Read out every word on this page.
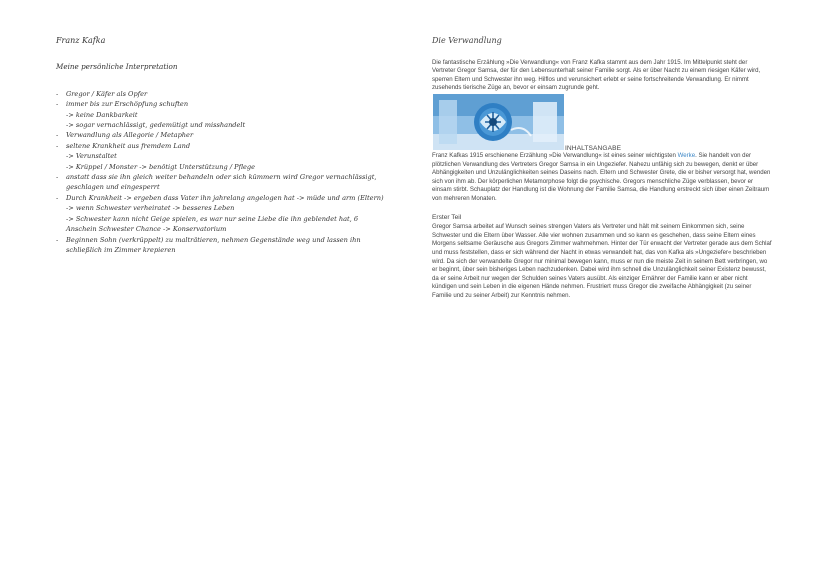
Franz Kafka
Meine persönliche Interpretation
- Gregor / Käfer als Opfer
- immer bis zur Erschöpfung schuften
-> keine Dankbarkeit
-> sogar vernachlässigt, gedemütigt und misshandelt
- Verwandlung als Allegorie / Metapher
- seltene Krankheit aus fremdem Land
-> Verunstaltet
-> Krüppel / Monster -> benötigt Unterstützung / Pflege
- anstatt dass sie ihn gleich weiter behandeln oder sich kümmern wird Gregor vernachlässigt, geschlagen und eingesperrt
- Durch Krankheit -> ergeben dass Vater ihn jahrelang angelogen hat -> müde und arm (Eltern)
-> wenn Schwester verheiratet -> besseres Leben
-> Schwester kann nicht Geige spielen, es war nur seine Liebe die ihn geblendet hat, 6 Anschein Schwester Chance -> Konservatorium
- Beginnen Sohn (verkrüppelt) zu malträtieren, nehmen Gegenstände weg und lassen ihn schließlich im Zimmer krepieren
Die Verwandlung

Die fantastische Erzählung »Die Verwandlung« von Franz Kafka stammt aus dem Jahr 1915. Im Mittelpunkt steht der Vertreter Gregor Samsa, der für den Lebensunterhalt seiner Familie sorgt. Als er über Nacht zu einem riesigen Käfer wird, sperren Eltern und Schwester ihn weg. Hilflos und verunsichert erlebt er seine fortschreitende Verwandlung. Er nimmt zusehends tierische Züge an, bevor er einsam zugrunde geht.

INHALTSANGABE

Franz Kafkas 1915 erschienene Erzählung »Die Verwandlung« ist eines seiner wichtigsten Werke. Sie handelt von der plötzlichen Verwandlung des Vertreters Gregor Samsa in ein Ungeziefer. Nahezu unfähig sich zu bewegen, denkt er über Abhängigkeiten und Unzulänglichkeiten seines Daseins nach. Eltern und Schwester Grete, die er bisher versorgt hat, wenden sich von ihm ab. Der körperlichen Metamorphose folgt die psychische. Gregors menschliche Züge verblassen, bevor er einsam stirbt. Schauplatz der Handlung ist die Wohnung der Familie Samsa, die Handlung erstreckt sich über einen Zeitraum von mehreren Monaten.

Erster Teil

Gregor Samsa arbeitet auf Wunsch seines strengen Vaters als Vertreter und hält mit seinem Einkommen sich, seine Schwester und die Eltern über Wasser. Alle vier wohnen zusammen und so kann es geschehen, dass seine Eltern eines Morgens seltsame Geräusche aus Gregors Zimmer wahrnehmen. Hinter der Tür erwacht der Vertreter gerade aus dem Schlaf und muss feststellen, dass er sich während der Nacht in etwas verwandelt hat, das von Kafka als »Ungeziefer« beschrieben wird. Da sich der verwandelte Gregor nur minimal bewegen kann, muss er nun die meiste Zeit in seinem Bett verbringen, wo er beginnt, über sein bisheriges Leben nachzudenken. Dabei wird ihm schnell die Unzulänglichkeit seiner Existenz bewusst, da er seine Arbeit nur wegen der Schulden seines Vaters ausübt. Als einziger Ernährer der Familie kann er aber nicht kündigen und sein Leben in die eigenen Hände nehmen. Frustriert muss Gregor die zweifache Abhängigkeit (zu seiner Familie und zu seiner Arbeit) zur Kenntnis nehmen.
